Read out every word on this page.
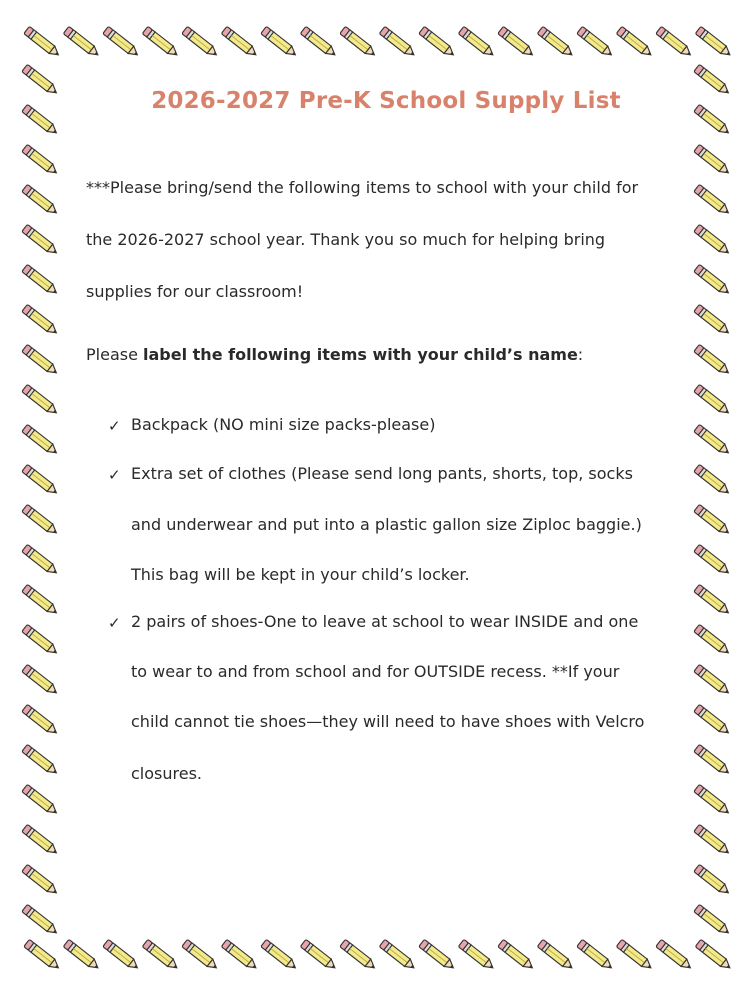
2026-2027 Pre-K School Supply List

***Please bring/send the following items to school with your child for

the 2026-2027 school year. Thank you so much for helping bring

supplies for our classroom!

Please label the following items with your child’s name:

✓ Backpack (NO mini size packs-please)

✓ Extra set of clothes (Please send long pants, shorts, top, socks

and underwear and put into a plastic gallon size Ziploc baggie.)

This bag will be kept in your child’s locker.

✓ 2 pairs of shoes-One to leave at school to wear INSIDE and one

to wear to and from school and for OUTSIDE recess. **If your

child cannot tie shoes—they will need to have shoes with Velcro

closures.
